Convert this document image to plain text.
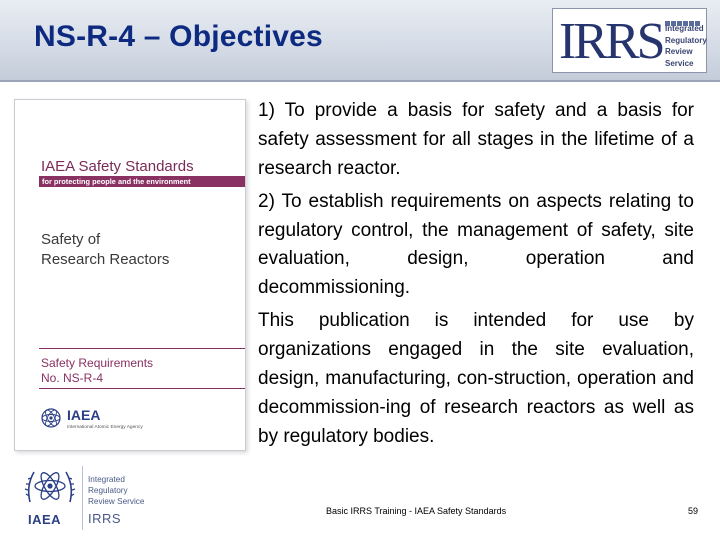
NS-R-4 – Objectives	IRRS Integrated
Regulatory
Review
Service
IAEA Safety Standards
for protecting people and the environment
Safety of
Research Reactors
Safety Requirements
No. NS-R-4
IAEA
International Atomic Energy Agency
IAEA
Integrated
Regulatory
Review Service
IRRS

1) To provide a basis for safety and a basis for safety assessment for all stages in the lifetime of a research reactor.

2) To establish requirements on aspects relating to regulatory control, the management of safety, site evaluation, design, operation and decommissioning.

This publication is intended for use by organizations engaged in the site evaluation, design, manufacturing, con-struction, operation and decommission-ing of research reactors as well as by regulatory bodies.

Basic IRRS Training - IAEA Safety Standards	59
